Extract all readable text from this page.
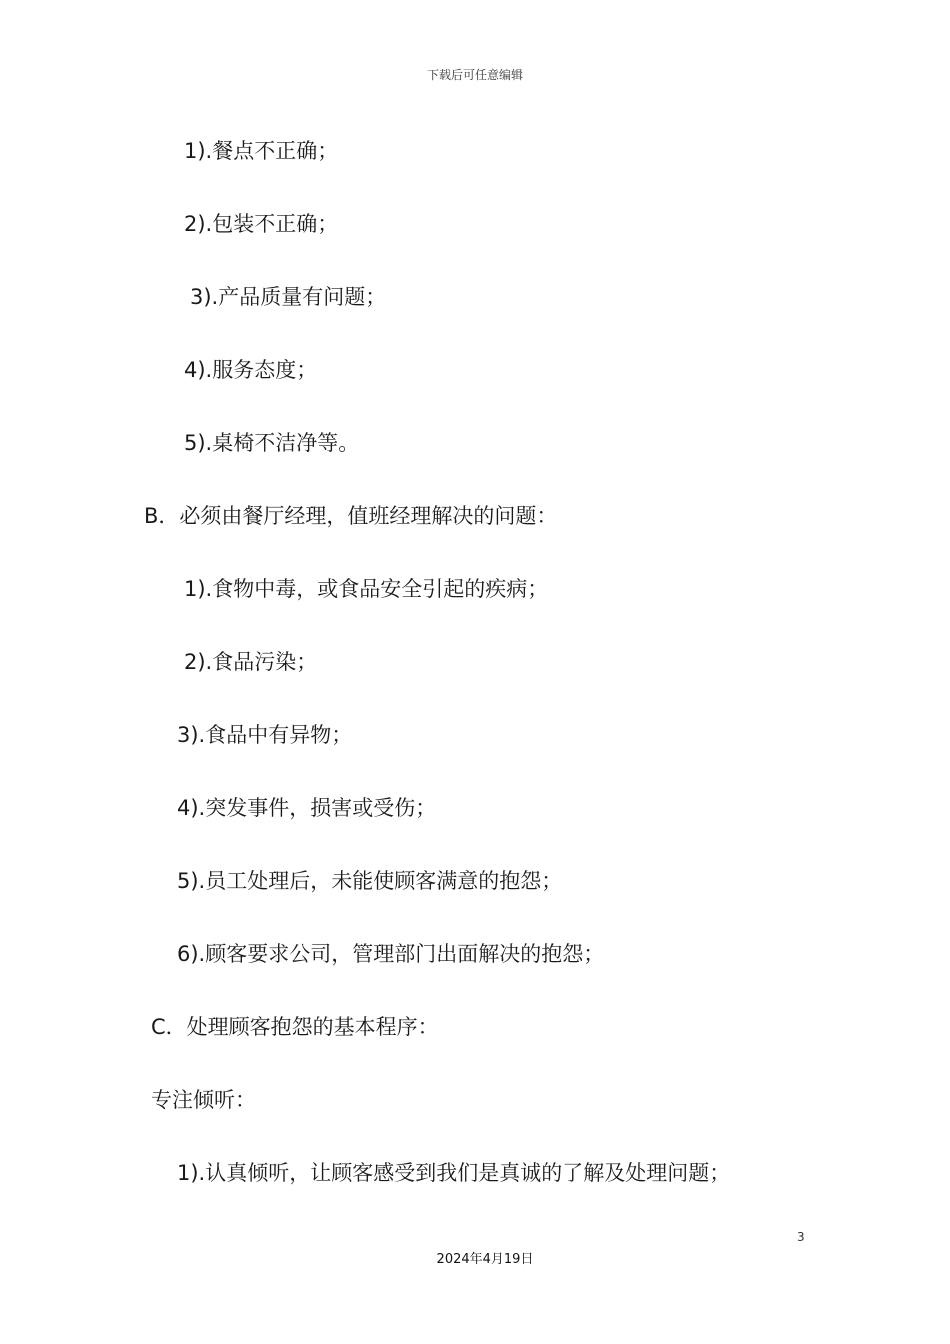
下载后可任意编辑
1).餐点不正确；
2).包装不正确；
3).产品质量有问题；
4).服务态度；
5).桌椅不洁净等。
B．必须由餐厅经理，值班经理解决的问题：
1).食物中毒，或食品安全引起的疾病；
2).食品污染；
3).食品中有异物；
4).突发事件，损害或受伤；
5).员工处理后，未能使顾客满意的抱怨；
6).顾客要求公司，管理部门出面解决的抱怨；
C．处理顾客抱怨的基本程序：
专注倾听：
1).认真倾听，让顾客感受到我们是真诚的了解及处理问题；
3
2024年4月19日
